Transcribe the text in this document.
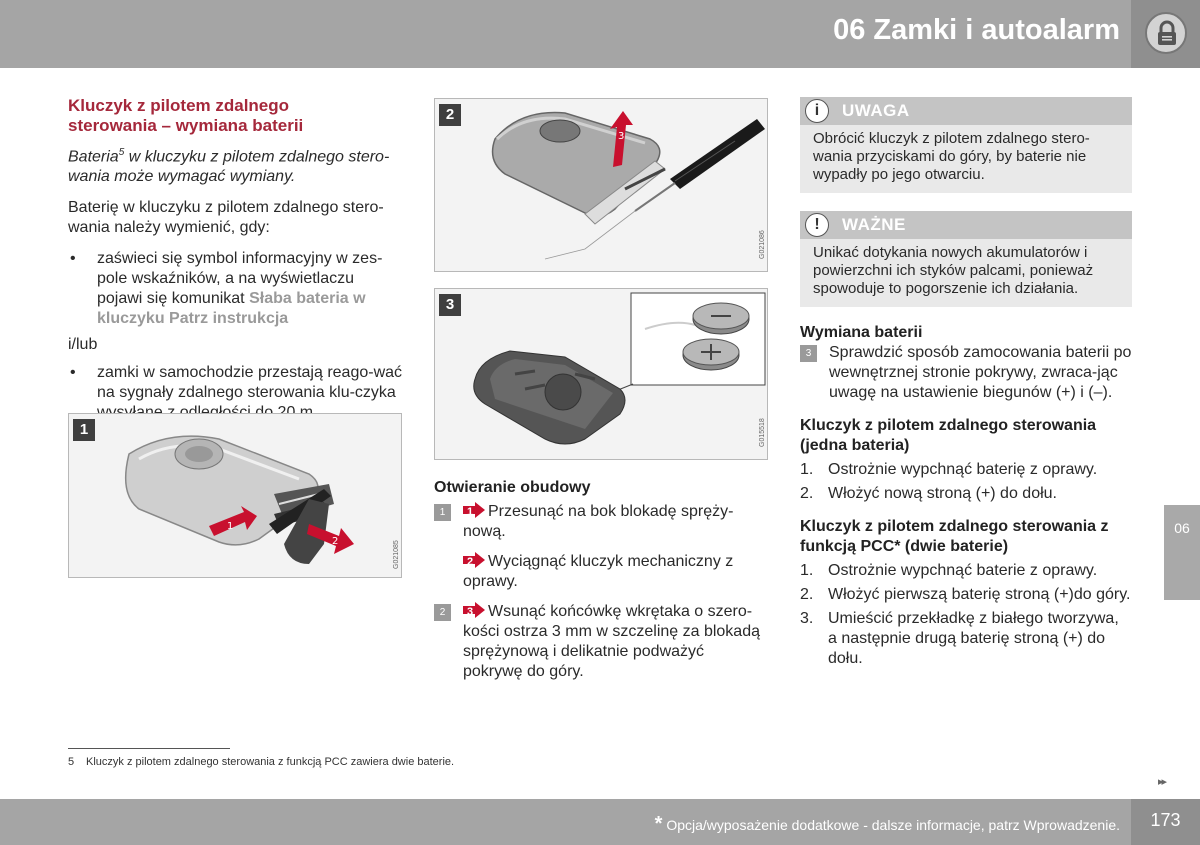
06 Zamki i autoalarm
06
Kluczyk z pilotem zdalnego
sterowania – wymiana baterii
Bateria$^5$ w kluczyku z pilotem zdalnego stero- wania może wymagać wymiany.

Baterię w kluczyku z pilotem zdalnego stero-wania należy wymienić, gdy:

• zaświeci się symbol informacyjny w zes-pole wskaźników, a na wyświetlaczu pojawi się komunikat Słaba bateria w kluczyku Patrz instrukcja

i/lub

• zamki w samochodzie przestają reago-wać na sygnały zdalnego sterowania klu-czyka
1
1
2	G021085
2
3
G021086
3
G015518
Otwieranie obudowy
1	1 Przesunąć na bok blokadę spręży-nową.
2 Wyciągnąć kluczyk mechaniczny z oprawy.
2	3 Wsunąć końcówkę wkrętaka o szero-kości ostrza 3 mm w szczelinę za blokadą sprężynową i delikatnie podważyć pokrywę do góry.
i	UWAGA
Obrócić kluczyk z pilotem zdalnego stero-wania przyciskami do góry, by baterie nie wypadły po jego otwarciu.
!	WAŻNE
Unikać dotykania nowych akumulatorów i powierzchni ich styków palcami, ponieważ spowoduje to pogorszenie ich działania.
Wymiana baterii
3	Sprawdzić sposób zamocowania baterii po wewnętrznej stronie pokrywy, zwraca-jąc uwagę na ustawienie biegunów (+) i (–).
Kluczyk z pilotem zdalnego sterowania (jedna bateria)
1. Ostrożnie wypchnąć baterię z oprawy.
2. Włożyć nową stroną (+) do dołu.
Kluczyk z pilotem zdalnego sterowania z funkcją PCC* (dwie baterie)
1. Ostrożnie wypchnąć baterie z oprawy.
2. Włożyć pierwszą baterię stroną (+)do góry.
3. Umieścić przekładkę z białego tworzywa, a następnie drugą baterię stroną (+) do dołu.
5 Kluczyk z pilotem zdalnego sterowania z funkcją PCC zawiera dwie baterie.
▸▸
* Opcja/wyposażenie dodatkowe - dalsze informacje, patrz Wprowadzenie.	173
